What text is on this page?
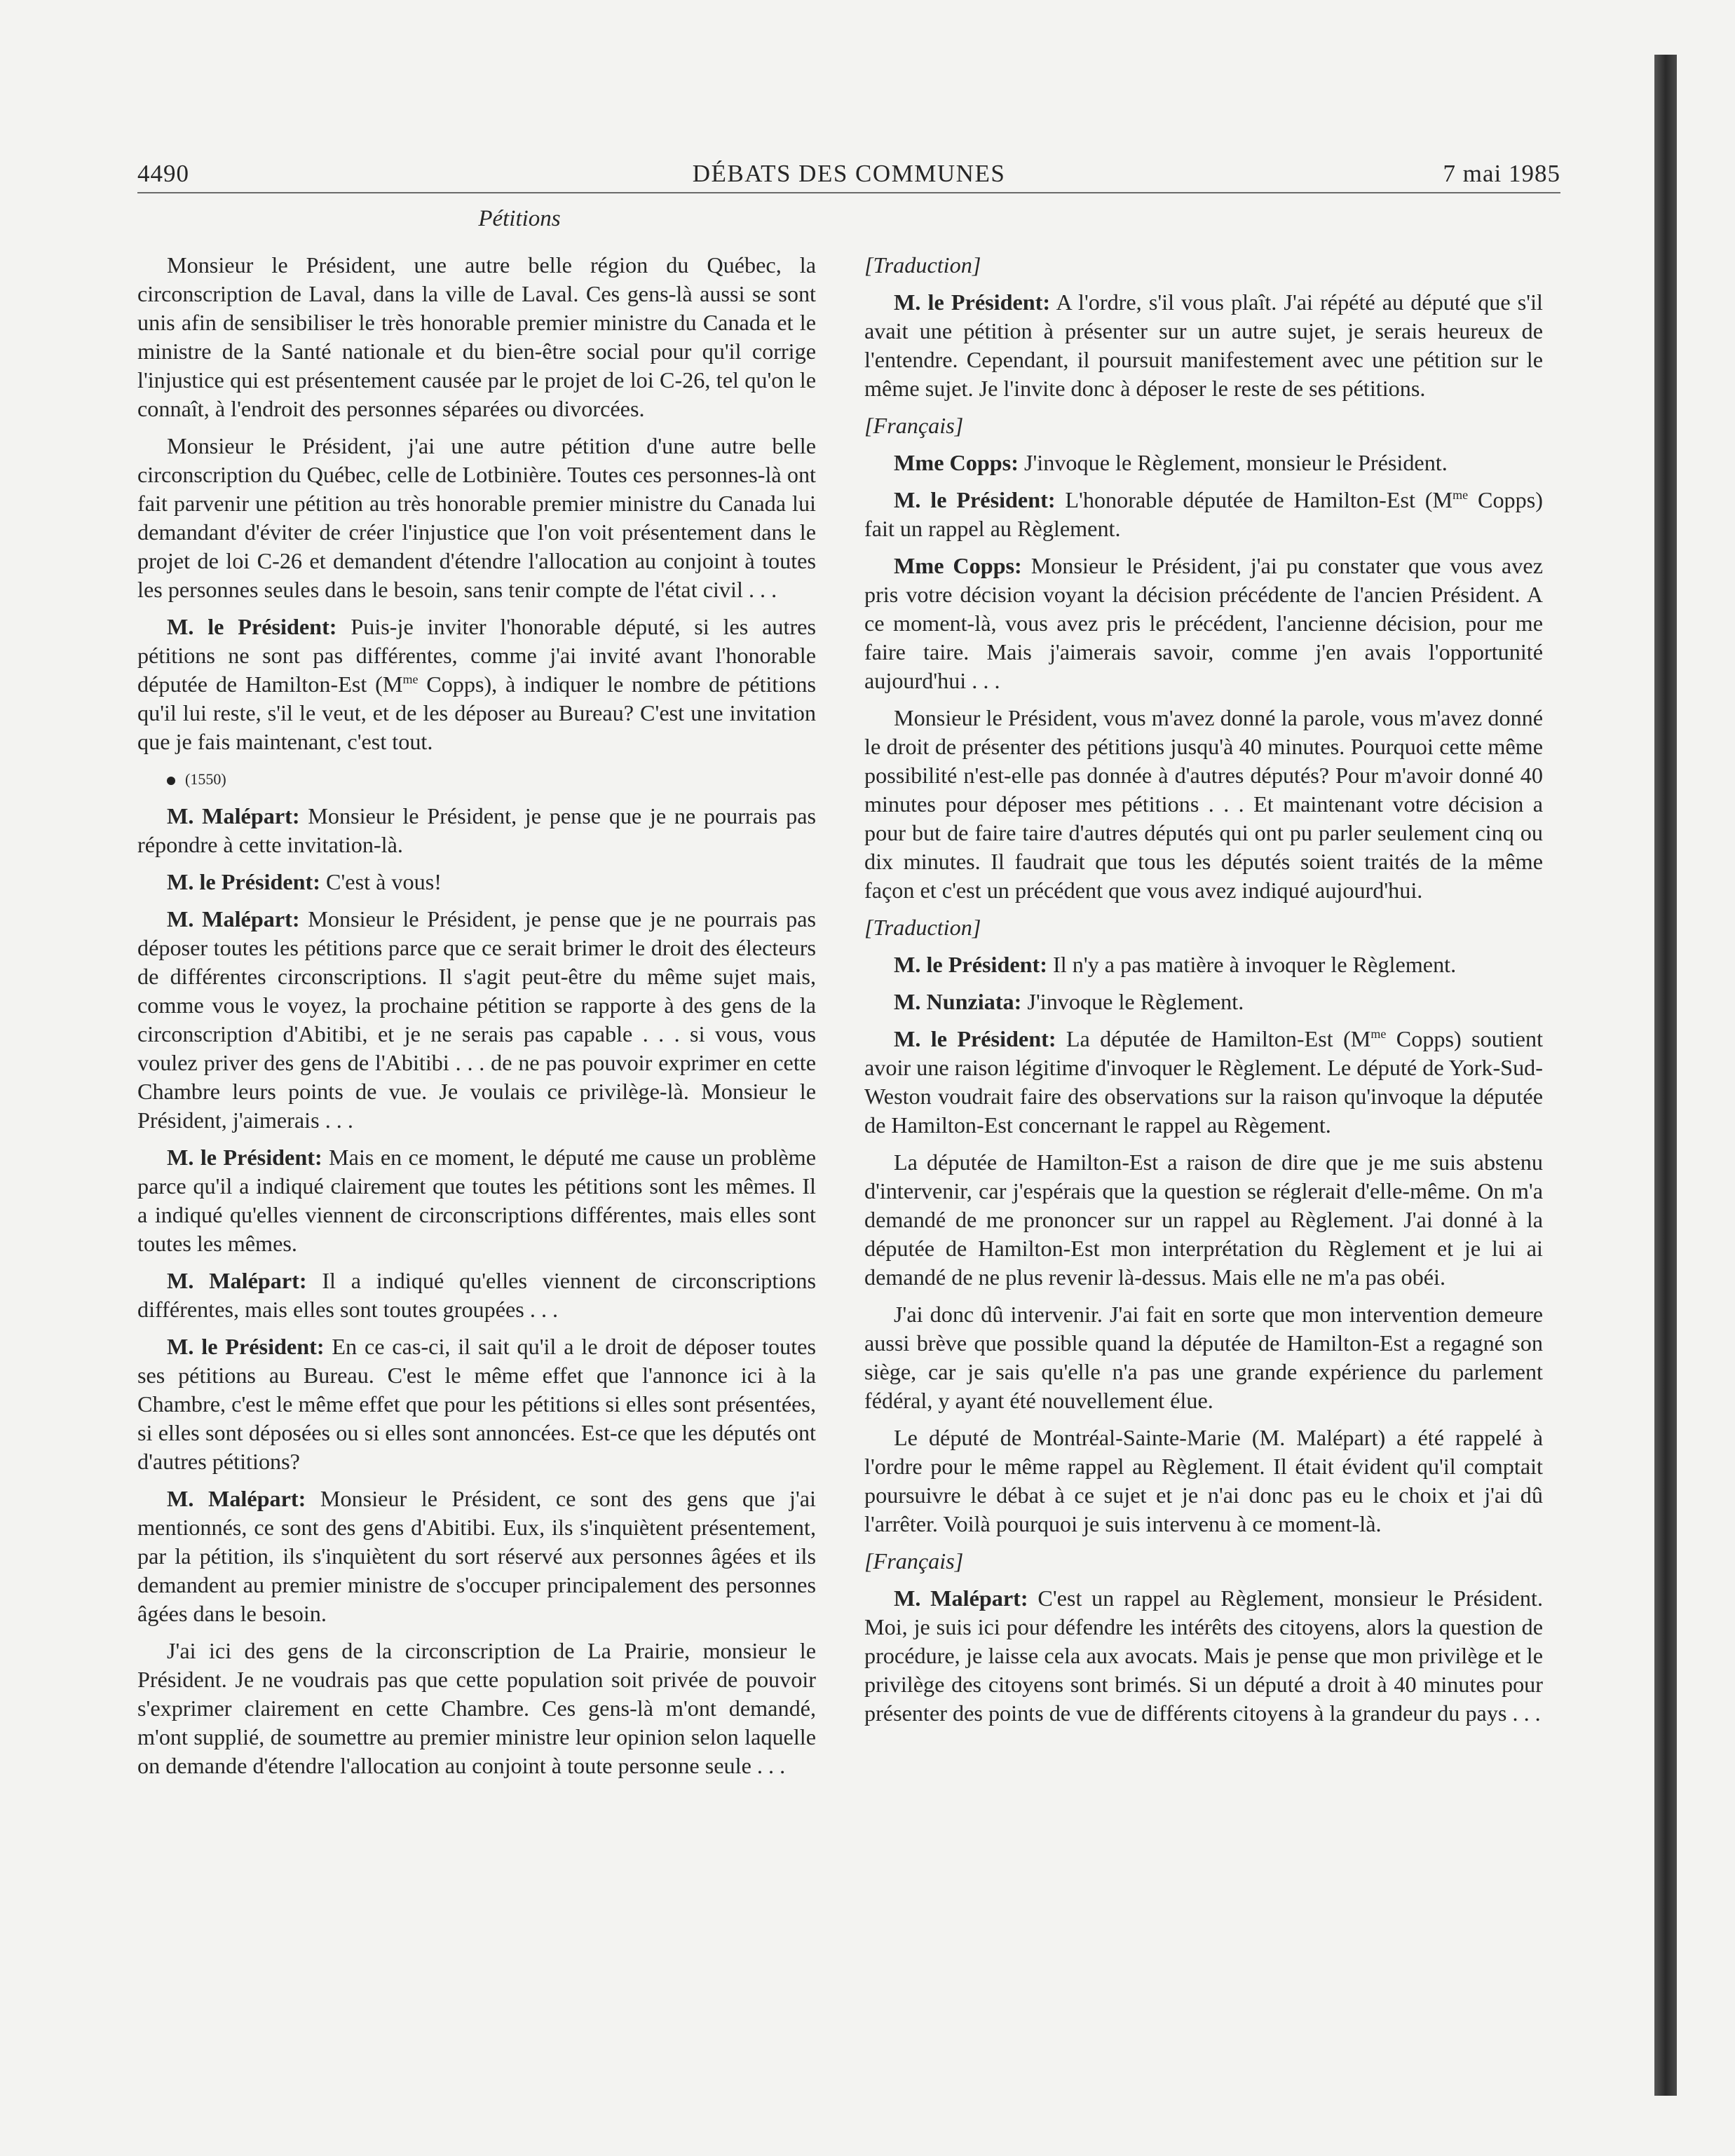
4490	DÉBATS DES COMMUNES	7 mai 1985
Pétitions

Monsieur le Président, une autre belle région du Québec, la circonscription de Laval, dans la ville de Laval. Ces gens-là aussi se sont unis afin de sensibiliser le très honorable premier ministre du Canada et le ministre de la Santé nationale et du bien-être social pour qu'il corrige l'injustice qui est présentement causée par le projet de loi C-26, tel qu'on le connaît, à l'endroit des personnes séparées ou divorcées.

Monsieur le Président, j'ai une autre pétition d'une autre belle circonscription du Québec, celle de Lotbinière. Toutes ces personnes-là ont fait parvenir une pétition au très honorable premier ministre du Canada lui demandant d'éviter de créer l'injustice que l'on voit présentement dans le projet de loi C-26 et demandent d'étendre l'allocation au conjoint à toutes les personnes seules dans le besoin, sans tenir compte de l'état civil . . .

M. le Président: Puis-je inviter l'honorable député, si les autres pétitions ne sont pas différentes, comme j'ai invité avant l'honorable députée de Hamilton-Est ($M^{me}$ Copps), à indiquer le nombre de pétitions qu'il lui reste, s'il le veut, et de les déposer au Bureau? C'est une invitation que je fais maintenant, c'est tout.

(1550)

M. Malépart: Monsieur le Président, je pense que je ne pourrais pas répondre à cette invitation-là.

M. le Président: C'est à vous!

M. Malépart: Monsieur le Président, je pense que je ne pourrais pas déposer toutes les pétitions parce que ce serait brimer le droit des électeurs de différentes circonscriptions. Il s'agit peut-être du même sujet mais, comme vous le voyez, la prochaine pétition se rapporte à des gens de la circonscription d'Abitibi, et je ne serais pas capable . . . si vous, vous voulez priver des gens de l'Abitibi . . . de ne pas pouvoir exprimer en cette Chambre leurs points de vue. Je voulais ce privilège-là. Monsieur le Président, j'aimerais . . .

M. le Président: Mais en ce moment, le député me cause un problème parce qu'il a indiqué clairement que toutes les pétitions sont les mêmes. Il a indiqué qu'elles viennent de circonscriptions différentes, mais elles sont toutes les mêmes.

M. Malépart: Il a indiqué qu'elles viennent de circonscriptions différentes, mais elles sont toutes groupées . . .

M. le Président: En ce cas-ci, il sait qu'il a le droit de déposer toutes ses pétitions au Bureau. C'est le même effet que l'annonce ici à la Chambre, c'est le même effet que pour les pétitions si elles sont présentées, si elles sont déposées ou si elles sont annoncées. Est-ce que les députés ont d'autres pétitions?

M. Malépart: Monsieur le Président, ce sont des gens que j'ai mentionnés, ce sont des gens d'Abitibi. Eux, ils s'inquiètent présentement, par la pétition, ils s'inquiètent du sort réservé aux personnes âgées et ils demandent au premier ministre de s'occuper principalement des personnes âgées dans le besoin.

J'ai ici des gens de la circonscription de La Prairie, monsieur le Président. Je ne voudrais pas que cette population soit privée de pouvoir s'exprimer clairement en cette Chambre. Ces gens-là m'ont demandé, m'ont supplié, de soumettre au premier ministre leur opinion selon laquelle on demande d'étendre l'allocation au conjoint à toute personne seule . . .

[Traduction]

M. le Président: A l'ordre, s'il vous plaît. J'ai répété au député que s'il avait une pétition à présenter sur un autre sujet, je serais heureux de l'entendre. Cependant, il poursuit manifestement avec une pétition sur le même sujet. Je l'invite donc à déposer le reste de ses pétitions.

[Français]

Mme Copps: J'invoque le Règlement, monsieur le Président.

M. le Président: L'honorable députée de Hamilton-Est ($M^{me}$ Copps) fait un rappel au Règlement.

Mme Copps: Monsieur le Président, j'ai pu constater que vous avez pris votre décision voyant la décision précédente de l'ancien Président. A ce moment-là, vous avez pris le précédent, l'ancienne décision, pour me faire taire. Mais j'aimerais savoir, comme j'en avais l'opportunité aujourd'hui . . .

Monsieur le Président, vous m'avez donné la parole, vous m'avez donné le droit de présenter des pétitions jusqu'à 40 minutes. Pourquoi cette même possibilité n'est-elle pas donnée à d'autres députés? Pour m'avoir donné 40 minutes pour déposer mes pétitions . . . Et maintenant votre décision a pour but de faire taire d'autres députés qui ont pu parler seulement cinq ou dix minutes. Il faudrait que tous les députés soient traités de la même façon et c'est un précédent que vous avez indiqué aujourd'hui.

[Traduction]

M. le Président: Il n'y a pas matière à invoquer le Règlement.

M. Nunziata: J'invoque le Règlement.

M. le Président: La députée de Hamilton-Est ($M^{me}$ Copps) soutient avoir une raison légitime d'invoquer le Règlement. Le député de York-Sud-Weston voudrait faire des observations sur la raison qu'invoque la députée de Hamilton-Est concernant le rappel au Règement.

La députée de Hamilton-Est a raison de dire que je me suis abstenu d'intervenir, car j'espérais que la question se réglerait d'elle-même. On m'a demandé de me prononcer sur un rappel au Règlement. J'ai donné à la députée de Hamilton-Est mon interprétation du Règlement et je lui ai demandé de ne plus revenir là-dessus. Mais elle ne m'a pas obéi.

J'ai donc dû intervenir. J'ai fait en sorte que mon intervention demeure aussi brève que possible quand la députée de Hamilton-Est a regagné son siège, car je sais qu'elle n'a pas une grande expérience du parlement fédéral, y ayant été nouvellement élue.

Le député de Montréal-Sainte-Marie (M. Malépart) a été rappelé à l'ordre pour le même rappel au Règlement. Il était évident qu'il comptait poursuivre le débat à ce sujet et je n'ai donc pas eu le choix et j'ai dû l'arrêter. Voilà pourquoi je suis intervenu à ce moment-là.

[Français]

M. Malépart: C'est un rappel au Règlement, monsieur le Président. Moi, je suis ici pour défendre les intérêts des citoyens, alors la question de procédure, je laisse cela aux avocats. Mais je pense que mon privilège et le privilège des citoyens sont brimés. Si un député a droit à 40 minutes pour présenter des points de vue de différents citoyens à la grandeur du pays . . .
